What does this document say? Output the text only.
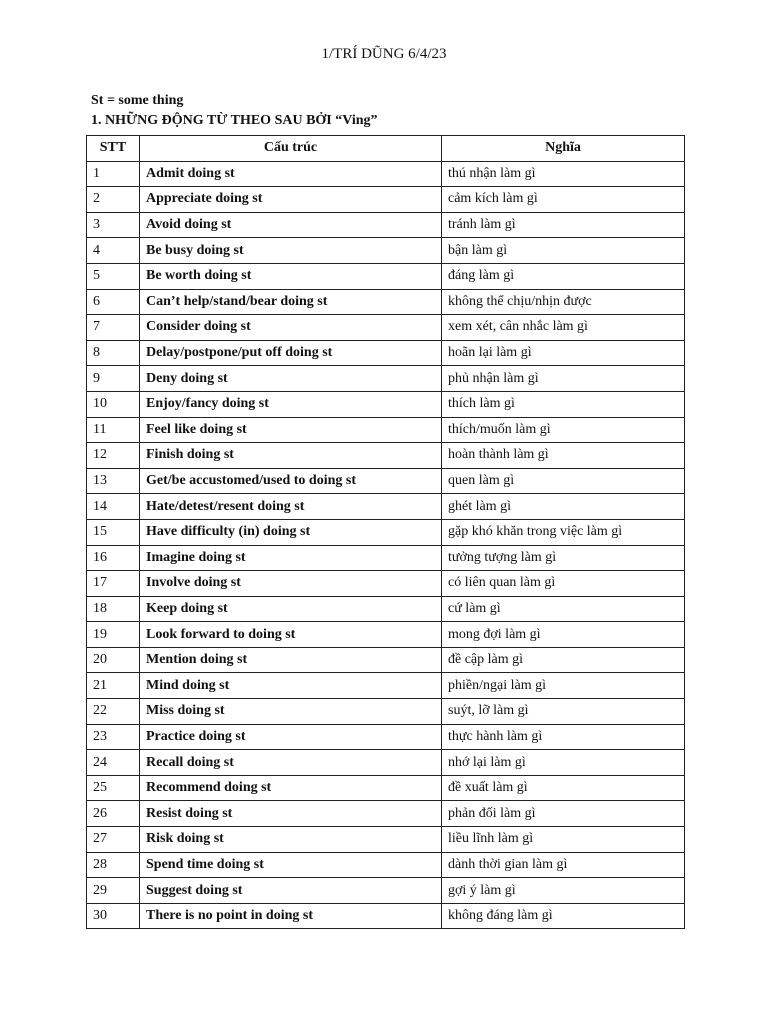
1/TRÍ DŨNG 6/4/23
St = some thing
1. NHỮNG ĐỘNG TỪ THEO SAU BỞI “Ving”
STT	Cấu trúc	Nghĩa
1	Admit doing st	thú nhận làm gì
2	Appreciate doing st	cảm kích làm gì
3	Avoid doing st	tránh làm gì
4	Be busy doing st	bận làm gì
5	Be worth doing st	đáng làm gì
6	Can’t help/stand/bear doing st	không thể chịu/nhịn được
7	Consider doing st	xem xét, cân nhắc làm gì
8	Delay/postpone/put off doing st	hoãn lại làm gì
9	Deny doing st	phủ nhận làm gì
10	Enjoy/fancy doing st	thích làm gì
11	Feel like doing st	thích/muốn làm gì
12	Finish doing st	hoàn thành làm gì
13	Get/be accustomed/used to doing st	quen làm gì
14	Hate/detest/resent doing st	ghét làm gì
15	Have difficulty (in) doing st	gặp khó khăn trong việc làm gì
16	Imagine doing st	tưởng tượng làm gì
17	Involve doing st	có liên quan làm gì
18	Keep doing st	cứ làm gì
19	Look forward to doing st	mong đợi làm gì
20	Mention doing st	đề cập làm gì
21	Mind doing st	phiền/ngại làm gì
22	Miss doing st	suýt, lỡ làm gì
23	Practice doing st	thực hành làm gì
24	Recall doing st	nhớ lại làm gì
25	Recommend doing st	đề xuất làm gì
26	Resist doing st	phản đối làm gì
27	Risk doing st	liều lĩnh làm gì
28	Spend time doing st	dành thời gian làm gì
29	Suggest doing st	gợi ý làm gì
30	There is no point in doing st	không đáng làm gì
